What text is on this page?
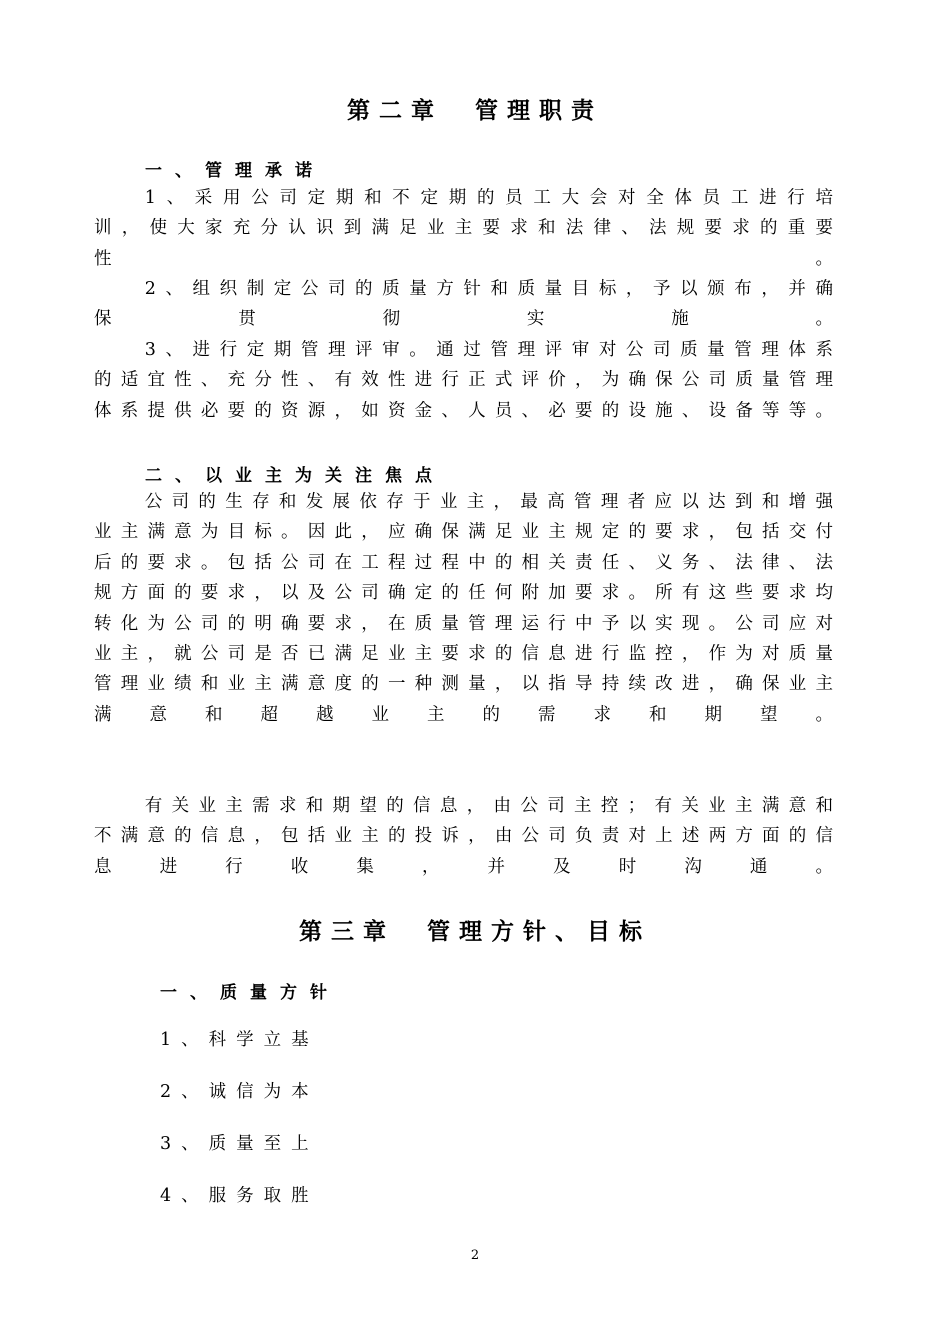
第二章　管理职责
一、管理承诺

1、采用公司定期和不定期的员工大会对全体员工进行培训，使大家充分认识到满足业主要求和法律、法规要求的重要性。

2、组织制定公司的质量方针和质量目标，予以颁布，并确保贯彻实施。

3、进行定期管理评审。通过管理评审对公司质量管理体系的适宜性、充分性、有效性进行正式评价，为确保公司质量管理体系提供必要的资源，如资金、人员、必要的设施、设备等等。

二、以业主为关注焦点

公司的生存和发展依存于业主，最高管理者应以达到和增强业主满意为目标。因此，应确保满足业主规定的要求，包括交付后的要求。包括公司在工程过程中的相关责任、义务、法律、法规方面的要求，以及公司确定的任何附加要求。所有这些要求均转化为公司的明确要求，在质量管理运行中予以实现。公司应对业主，就公司是否已满足业主要求的信息进行监控，作为对质量管理业绩和业主满意度的一种测量，以指导持续改进，确保业主满意和超越业主的需求和期望。

有关业主需求和期望的信息，由公司主控；有关业主满意和不满意的信息，包括业主的投诉，由公司负责对上述两方面的信息进行收集，并及时沟通。

第三章　管理方针、目标
一、质量方针
1、科学立基
2、诚信为本
3、质量至上
4、服务取胜
2
